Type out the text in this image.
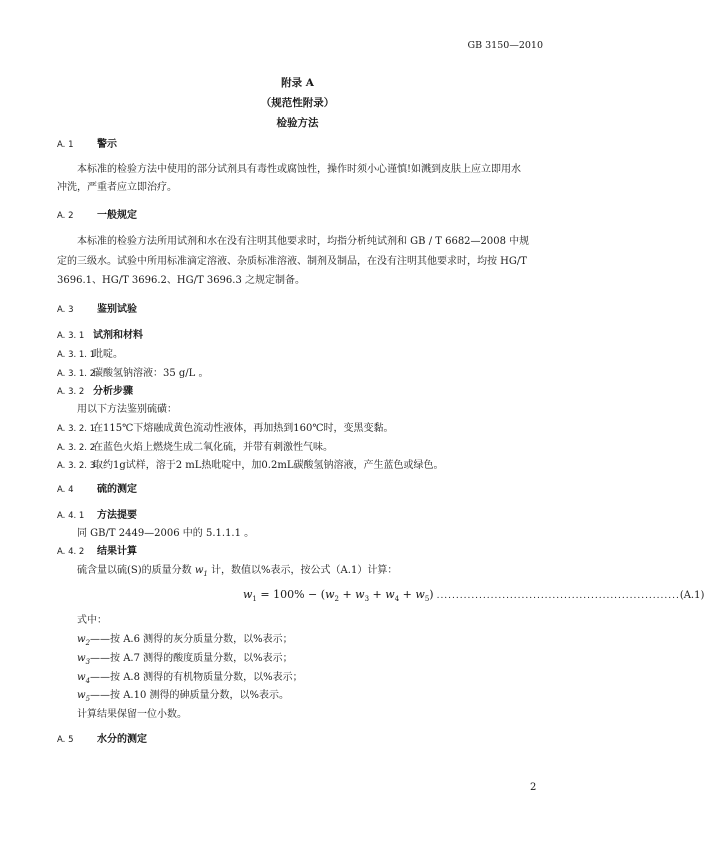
GB 3150—2010
附录 A
（规范性附录）
检验方法
A. 1 警示
本标准的检验方法中使用的部分试剂具有毒性或腐蚀性，操作时须小心谨慎!如溅到皮肤上应立即用水
冲洗，严重者应立即治疗。
A. 2 一般规定
本标准的检验方法所用试剂和水在没有注明其他要求时，均指分析纯试剂和 GB / T 6682—2008 中规
定的三级水。试验中所用标准滴定溶液、杂质标准溶液、制剂及制品，在没有注明其他要求时，均按 HG/T
3696.1、HG/T 3696.2、HG/T 3696.3 之规定制备。
A. 3 鉴别试验
A. 3. 1 试剂和材料
A. 3. 1. 1吡啶。
A. 3. 1. 2碳酸氢钠溶液：35 g/L 。
A. 3. 2 分析步骤
用以下方法鉴别硫磺：
A. 3. 2. 1在115℃下熔融成黄色流动性液体，再加热到160℃时，变黑变黏。
A. 3. 2. 2在蓝色火焰上燃烧生成二氧化硫，并带有刺激性气味。
A. 3. 2. 3取约1g试样，溶于2 mL热吡啶中，加0.2mL碳酸氢钠溶液，产生蓝色或绿色。
A. 4 硫的测定
A. 4. 1 方法提要
同 GB/T 2449—2006 中的 5.1.1.1 。
A. 4. 2 结果计算
硫含量以硫(S)的质量分数 $w_1$ 计，数值以%表示，按公式（A.1）计算：
$w_1 = 100\% - (w_2 + w_3 + w_4 + w_5)$ ............................................................... (A.1)
式中：
$w_2——$按 A.6 测得的灰分质量分数，以%表示；
$w_3——$按 A.7 测得的酸度质量分数，以%表示；
$w_4——$按 A.8 测得的有机物质量分数，以%表示；
$w_5——$按 A.10 测得的砷质量分数，以%表示。
计算结果保留一位小数。
A. 5 水分的测定
2
